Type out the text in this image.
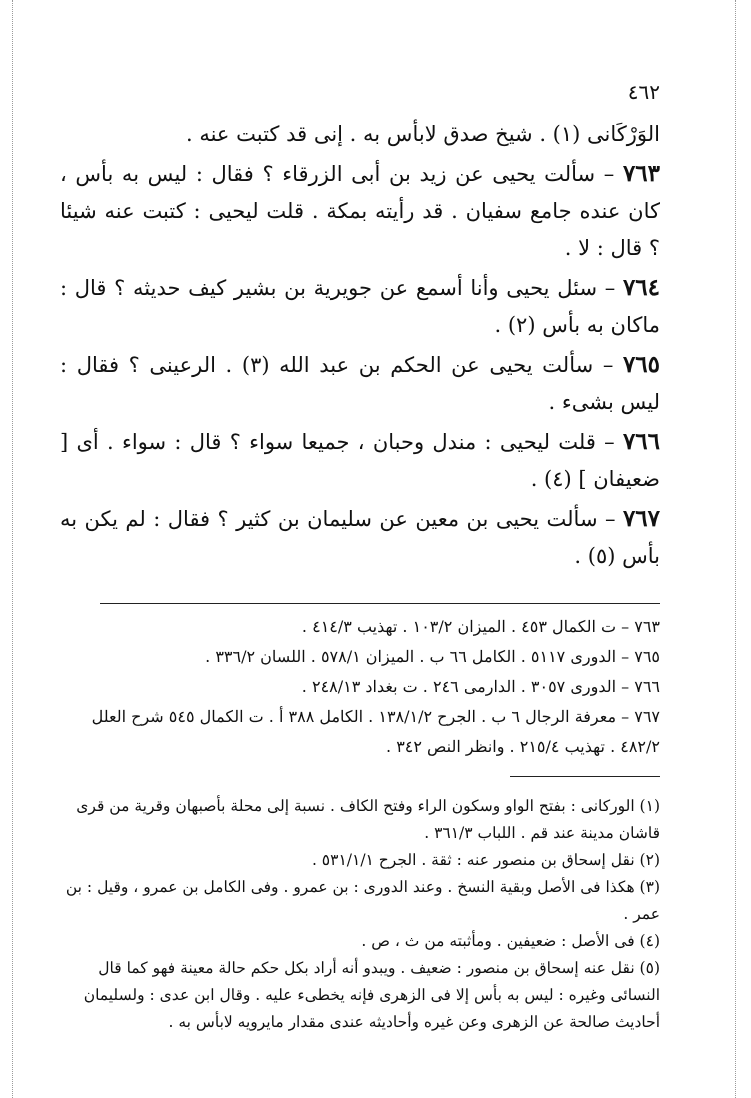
٤٦٢

الوَرْكَانى (١) . شيخ صدق لابأس به . إنى قد كتبت عنه .

٧٦٣ – سألت يحيى عن زيد بن أبى الزرقاء ؟ فقال : ليس به بأس ، كان عنده جامع سفيان . قد رأيته بمكة . قلت ليحيى : كتبت عنه شيئا ؟ قال : لا .

٧٦٤ – سئل يحيى وأنا أسمع عن جويرية بن بشير كيف حديثه ؟ قال : ماكان به بأس (٢) .

٧٦٥ – سألت يحيى عن الحكم بن عبد الله (٣) . الرعينى ؟ فقال : ليس بشىء .

٧٦٦ – قلت ليحيى : مندل وحبان ، جميعا سواء ؟ قال : سواء . أى [ ضعيفان ] (٤) .

٧٦٧ – سألت يحيى بن معين عن سليمان بن كثير ؟ فقال : لم يكن به بأس (٥) .

٧٦٣ – ت الكمال ٤٥٣ . الميزان ١٠٣/٢ . تهذيب ٤١٤/٣ .

٧٦٥ – الدورى ٥١١٧ . الكامل ٦٦ ب . الميزان ٥٧٨/١ . اللسان ٣٣٦/٢ .

٧٦٦ – الدورى ٣٠٥٧ . الدارمى ٢٤٦ . ت بغداد ٢٤٨/١٣ .

٧٦٧ – معرفة الرجال ٦ ب . الجرح ١٣٨/١/٢ . الكامل ٣٨٨ أ . ت الكمال ٥٤٥ شرح العلل ٤٨٢/٢ . تهذيب ٢١٥/٤ . وانظر النص ٣٤٢ .

(١) الوركانى : بفتح الواو وسكون الراء وفتح الكاف . نسبة إلى محلة بأصبهان وقرية من قرى قاشان مدينة عند قم . اللباب ٣٦١/٣ .

(٢) نقل إسحاق بن منصور عنه : ثقة . الجرح ٥٣١/١/١ .

(٣) هكذا فى الأصل وبقية النسخ . وعند الدورى : بن عمرو . وفى الكامل بن عمرو ، وقيل : بن عمر .

(٤) فى الأصل : ضعيفين . ومأثبته من ث ، ص .

(٥) نقل عنه إسحاق بن منصور : ضعيف . ويبدو أنه أراد بكل حكم حالة معينة فهو كما قال النسائى وغيره : ليس به بأس إلا فى الزهرى فإنه يخطىء عليه . وقال ابن عدى : ولسليمان أحاديث صالحة عن الزهرى وعن غيره وأحاديثه عندى مقدار مايرويه لابأس به .
